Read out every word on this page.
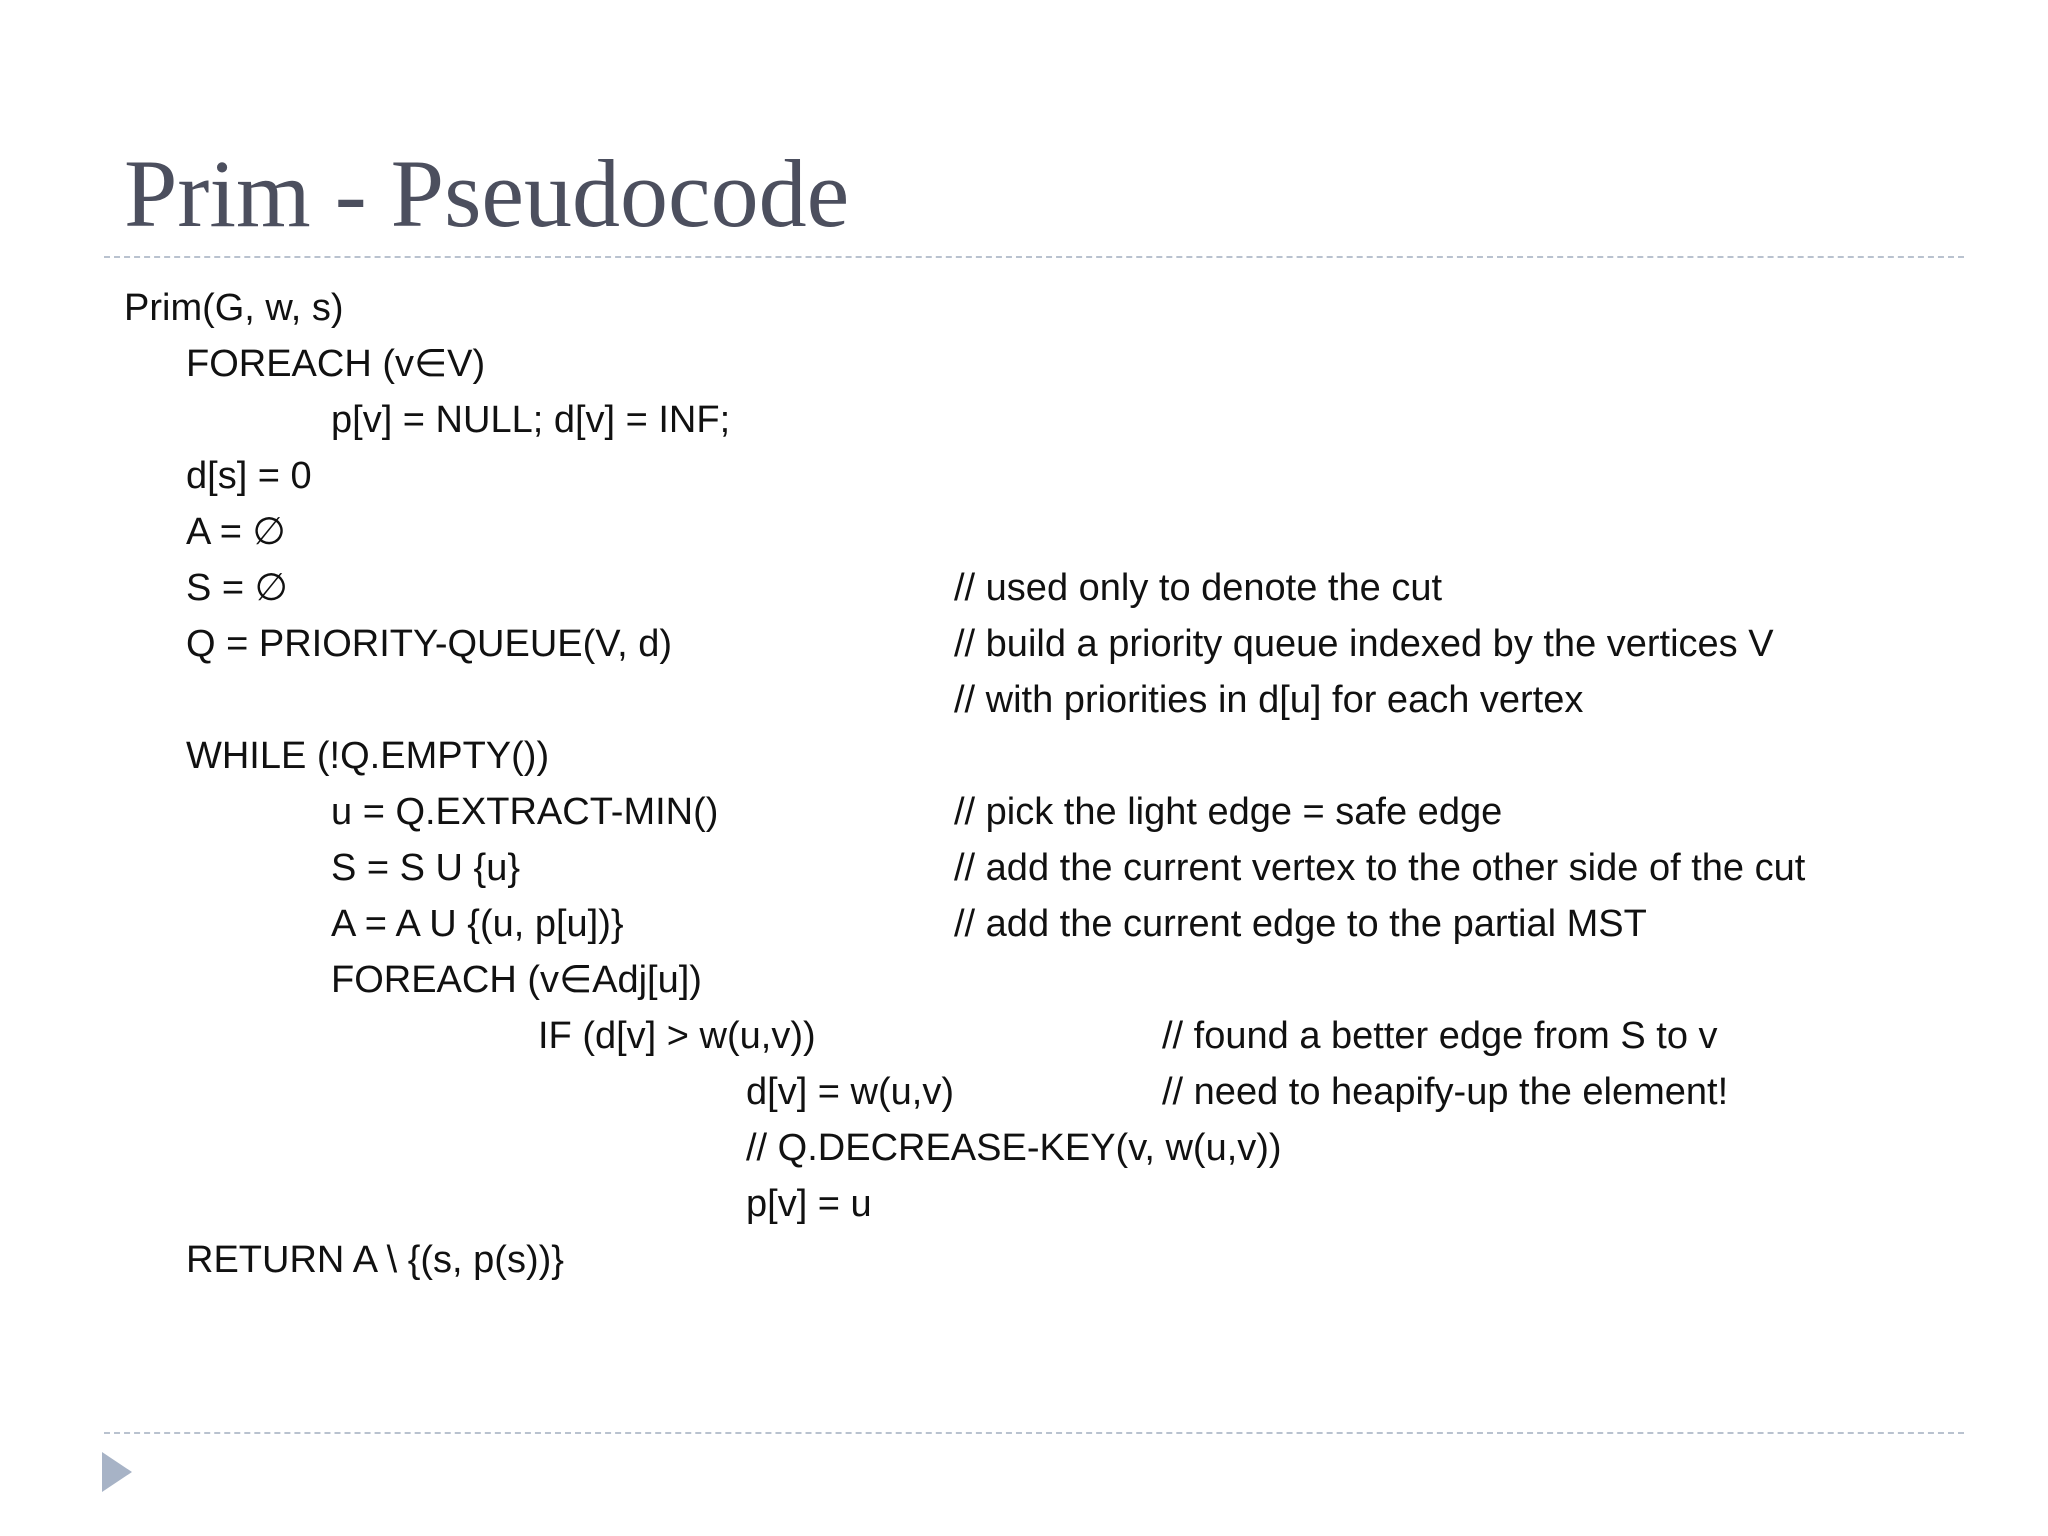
Prim - Pseudocode
Prim(G, w, s)
FOREACH (v∈V)
p[v] = NULL; d[v] = INF;
d[s] = 0
A = ∅
S = ∅
Q = PRIORITY-QUEUE(V, d)
WHILE (!Q.EMPTY())
u = Q.EXTRACT-MIN()
S = S U {u}
A = A U {(u, p[u])}
FOREACH (v∈Adj[u])
IF (d[v] > w(u,v))
d[v] = w(u,v)
// Q.DECREASE-KEY(v, w(u,v))
p[v] = u
RETURN A \ {(s, p(s))}
// used only to denote the cut
// build a priority queue indexed by the vertices V
// with priorities in d[u] for each vertex
// pick the light edge = safe edge
// add the current vertex to the other side of the cut
// add the current edge to the partial MST
// found a better edge from S to v
// need to heapify-up the element!
